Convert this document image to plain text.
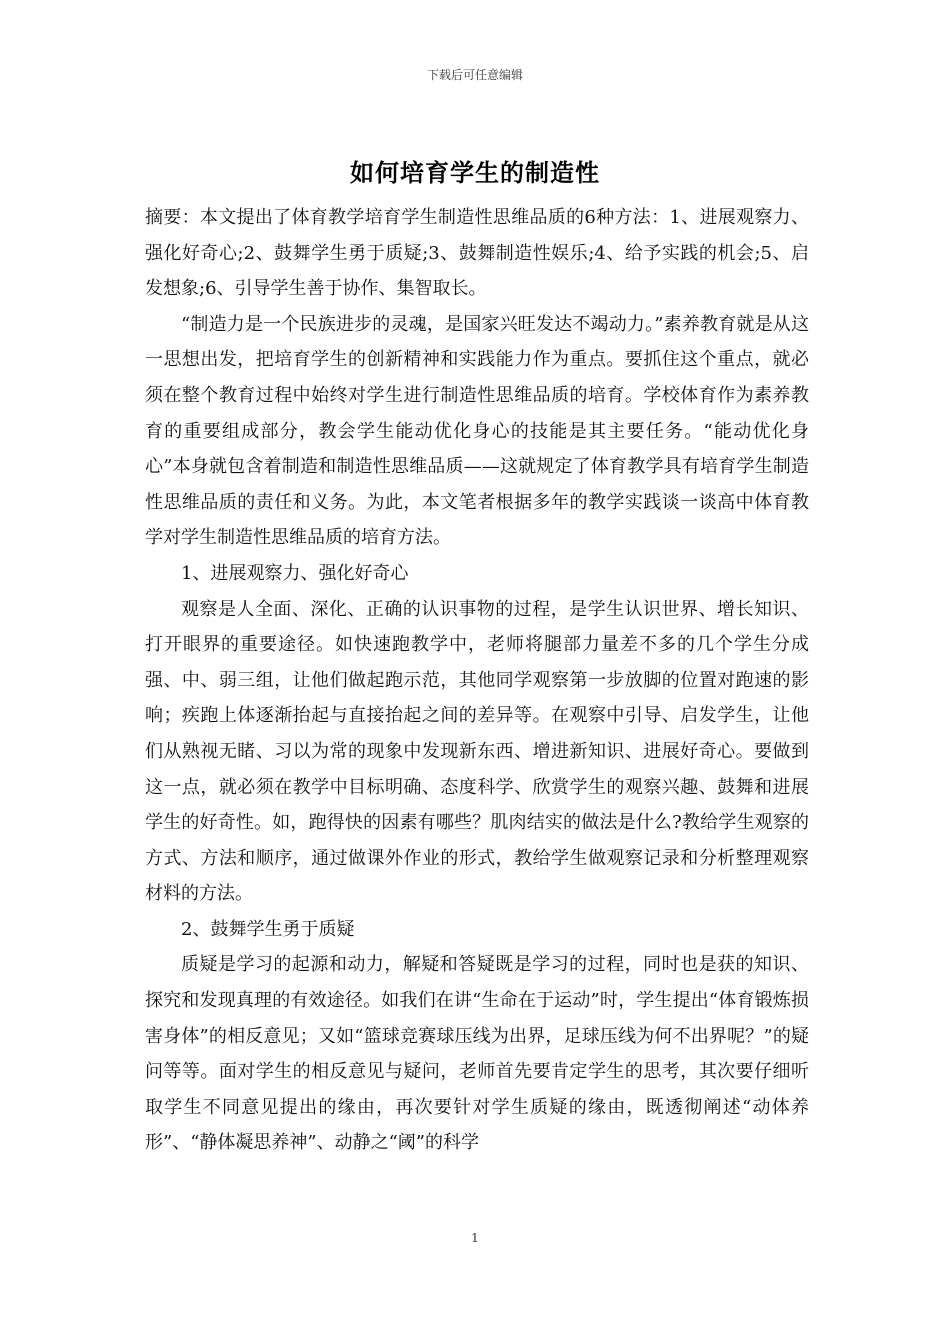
下载后可任意编辑
如何培育学生的制造性

摘要：本文提出了体育教学培育学生制造性思维品质的6种方法：1、进展观察力、强化好奇心;2、鼓舞学生勇于质疑;3、鼓舞制造性娱乐;4、给予实践的机会;5、启发想象;6、引导学生善于协作、集智取长。

“制造力是一个民族进步的灵魂，是国家兴旺发达不竭动力。”素养教育就是从这一思想出发，把培育学生的创新精神和实践能力作为重点。要抓住这个重点，就必须在整个教育过程中始终对学生进行制造性思维品质的培育。学校体育作为素养教育的重要组成部分，教会学生能动优化身心的技能是其主要任务。“能动优化身心”本身就包含着制造和制造性思维品质——这就规定了体育教学具有培育学生制造性思维品质的责任和义务。为此，本文笔者根据多年的教学实践谈一谈高中体育教学对学生制造性思维品质的培育方法。

1、进展观察力、强化好奇心

观察是人全面、深化、正确的认识事物的过程，是学生认识世界、增长知识、打开眼界的重要途径。如快速跑教学中，老师将腿部力量差不多的几个学生分成强、中、弱三组，让他们做起跑示范，其他同学观察第一步放脚的位置对跑速的影响；疾跑上体逐渐抬起与直接抬起之间的差异等。在观察中引导、启发学生，让他们从熟视无睹、习以为常的现象中发现新东西、增进新知识、进展好奇心。要做到这一点，就必须在教学中目标明确、态度科学、欣赏学生的观察兴趣、鼓舞和进展学生的好奇性。如，跑得快的因素有哪些？肌肉结实的做法是什么?教给学生观察的方式、方法和顺序，通过做课外作业的形式，教给学生做观察记录和分析整理观察材料的方法。

2、鼓舞学生勇于质疑

质疑是学习的起源和动力，解疑和答疑既是学习的过程，同时也是获的知识、探究和发现真理的有效途径。如我们在讲“生命在于运动”时，学生提出“体育锻炼损害身体”的相反意见；又如“篮球竞赛球压线为出界，足球压线为何不出界呢？”的疑问等等。面对学生的相反意见与疑问，老师首先要肯定学生的思考，其次要仔细听取学生不同意见提出的缘由，再次要针对学生质疑的缘由，既透彻阐述“动体养形”、“静体凝思养神”、动静之“阈”的科学

1
